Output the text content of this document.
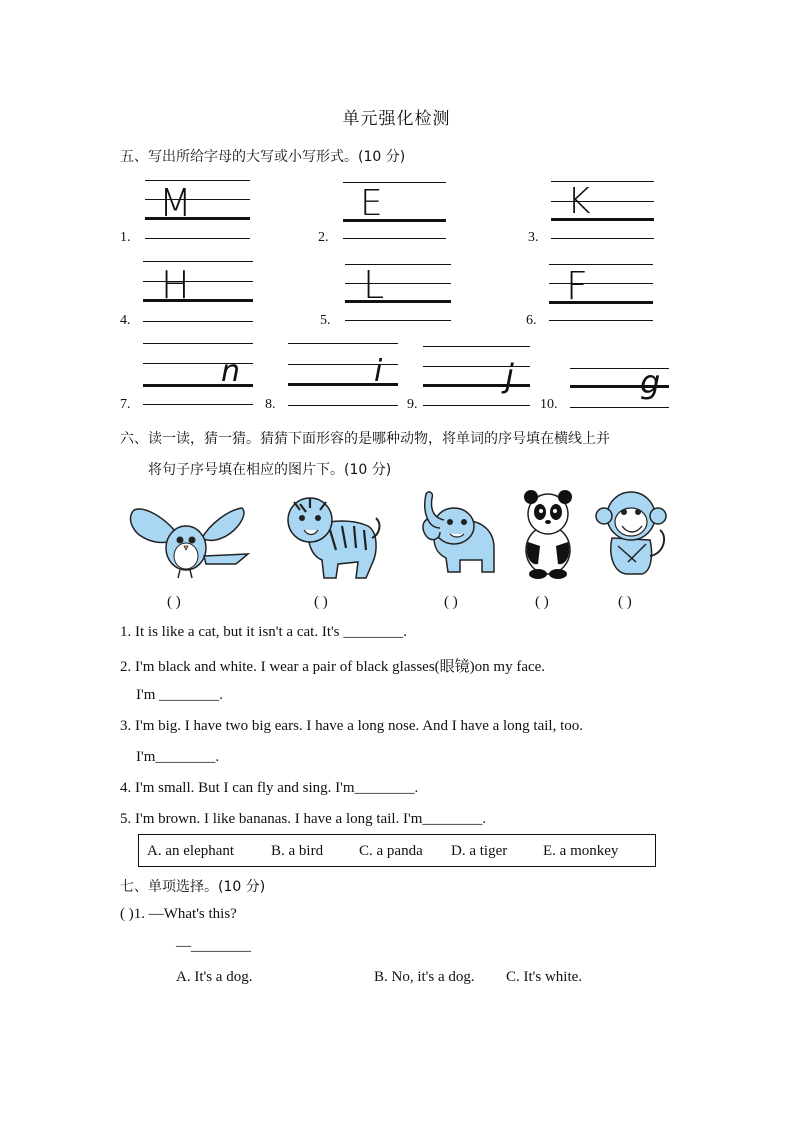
单元强化检测
五、写出所给字母的大写或小写形式。(10 分)
1.
M
2.
E
3.
K
4.
H
5.
L
6.
F
7.
n
8.
i
9.
j
10.
g
六、读一读，猜一猜。猜猜下面形容的是哪种动物，将单词的序号填在横线上并
将句子序号填在相应的图片下。(10 分)
( )	( )	( )	( )	( )
1. It is like a cat, but it isn't a cat. It's ________.
2. I'm black and white. I wear a pair of black glasses(眼镜)on my face.
I'm ________.
3. I'm big. I have two big ears. I have a long nose. And I have a long tail, too.
I'm________.
4. I'm small. But I can fly and sing. I'm________.
5. I'm brown. I like bananas. I have a long tail. I'm________.
A. an elephant B. a bird C. a panda D. a tiger E. a monkey
七、单项选择。(10 分)
( )1. —What's this?
—________
A. It's a dog.	B. No, it's a dog. C. It's white.
